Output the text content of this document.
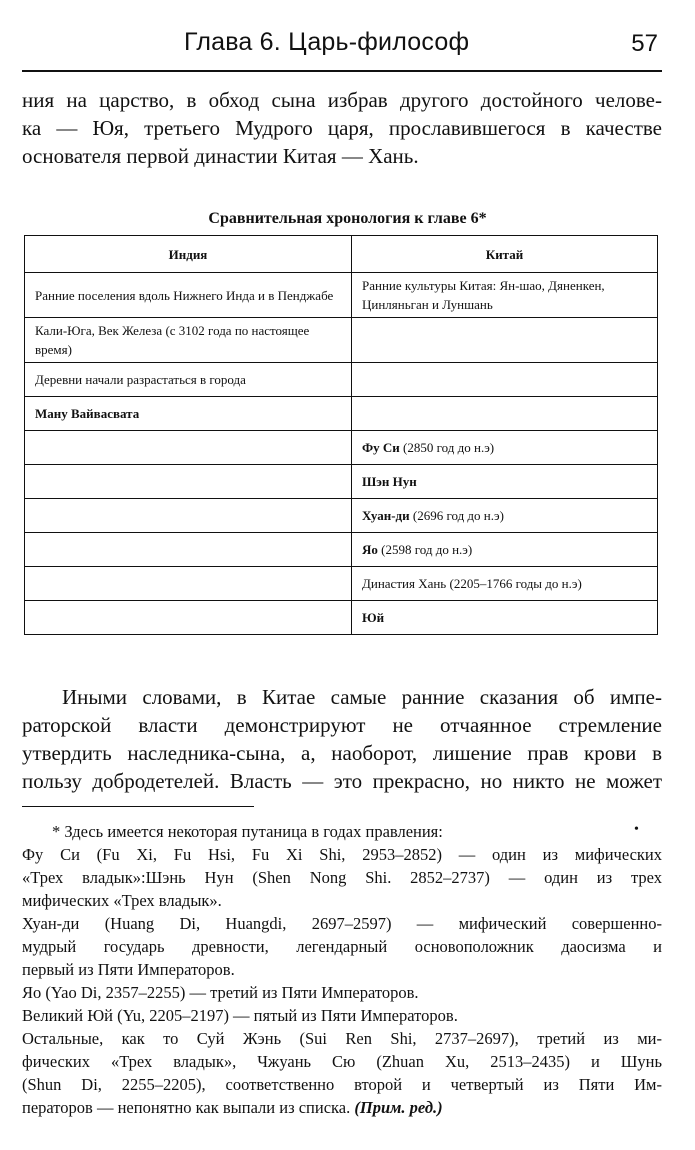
Глава 6. Царь-философ	57
ния на царство, в обход сына избрав другого достойного челове-
ка — Юя, третьего Мудрого царя, прославившегося в качестве
основателя первой династии Китая — Хань.
Сравнительная хронология к главе 6*
Индия	Китай
Ранние поселения вдоль Нижнего Инда и в Пенджабе	Ранние культуры Китая: Ян-шао, Дяненкен, Цинляньган и Луншань
Кали-Юга, Век Железа (с 3102 года по настоящее время)	
Деревни начали разрастаться в города	
Ману Вайвасвата	
	Фу Си (2850 год до н.э)
	Шэн Нун
	Хуан-ди (2696 год до н.э)
	Яо (2598 год до н.э)
	Династия Хань (2205–1766 годы до н.э)
	Юй
Иными словами, в Китае самые ранние сказания об импе-
раторской власти демонстрируют не отчаянное стремление
утвердить наследника-сына, а, наоборот, лишение прав крови в
пользу добродетелей. Власть — это прекрасно, но никто не может
•
* Здесь имеется некоторая путаница в годах правления:
Фу Си (Fu Xi, Fu Hsi, Fu Xi Shi, 2953–2852) — один из мифических
«Трех владык»:Шэнь Нун (Shen Nong Shi. 2852–2737) — один из трех
мифических «Трех владык».
Хуан-ди (Huang Di, Huangdi, 2697–2597) — мифический совершенно-
мудрый государь древности, легендарный основоположник даосизма и
первый из Пяти Императоров.
Яо (Yao Di, 2357–2255) — третий из Пяти Императоров.
Великий Юй (Yu, 2205–2197) — пятый из Пяти Императоров.
Остальные, как то Суй Жэнь (Sui Ren Shi, 2737–2697), третий из ми-
фических «Трех владык», Чжуань Сю (Zhuan Xu, 2513–2435) и Шунь
(Shun Di, 2255–2205), соответственно второй и четвертый из Пяти Им-
ператоров — непонятно как выпали из списка. (Прим. ред.)
